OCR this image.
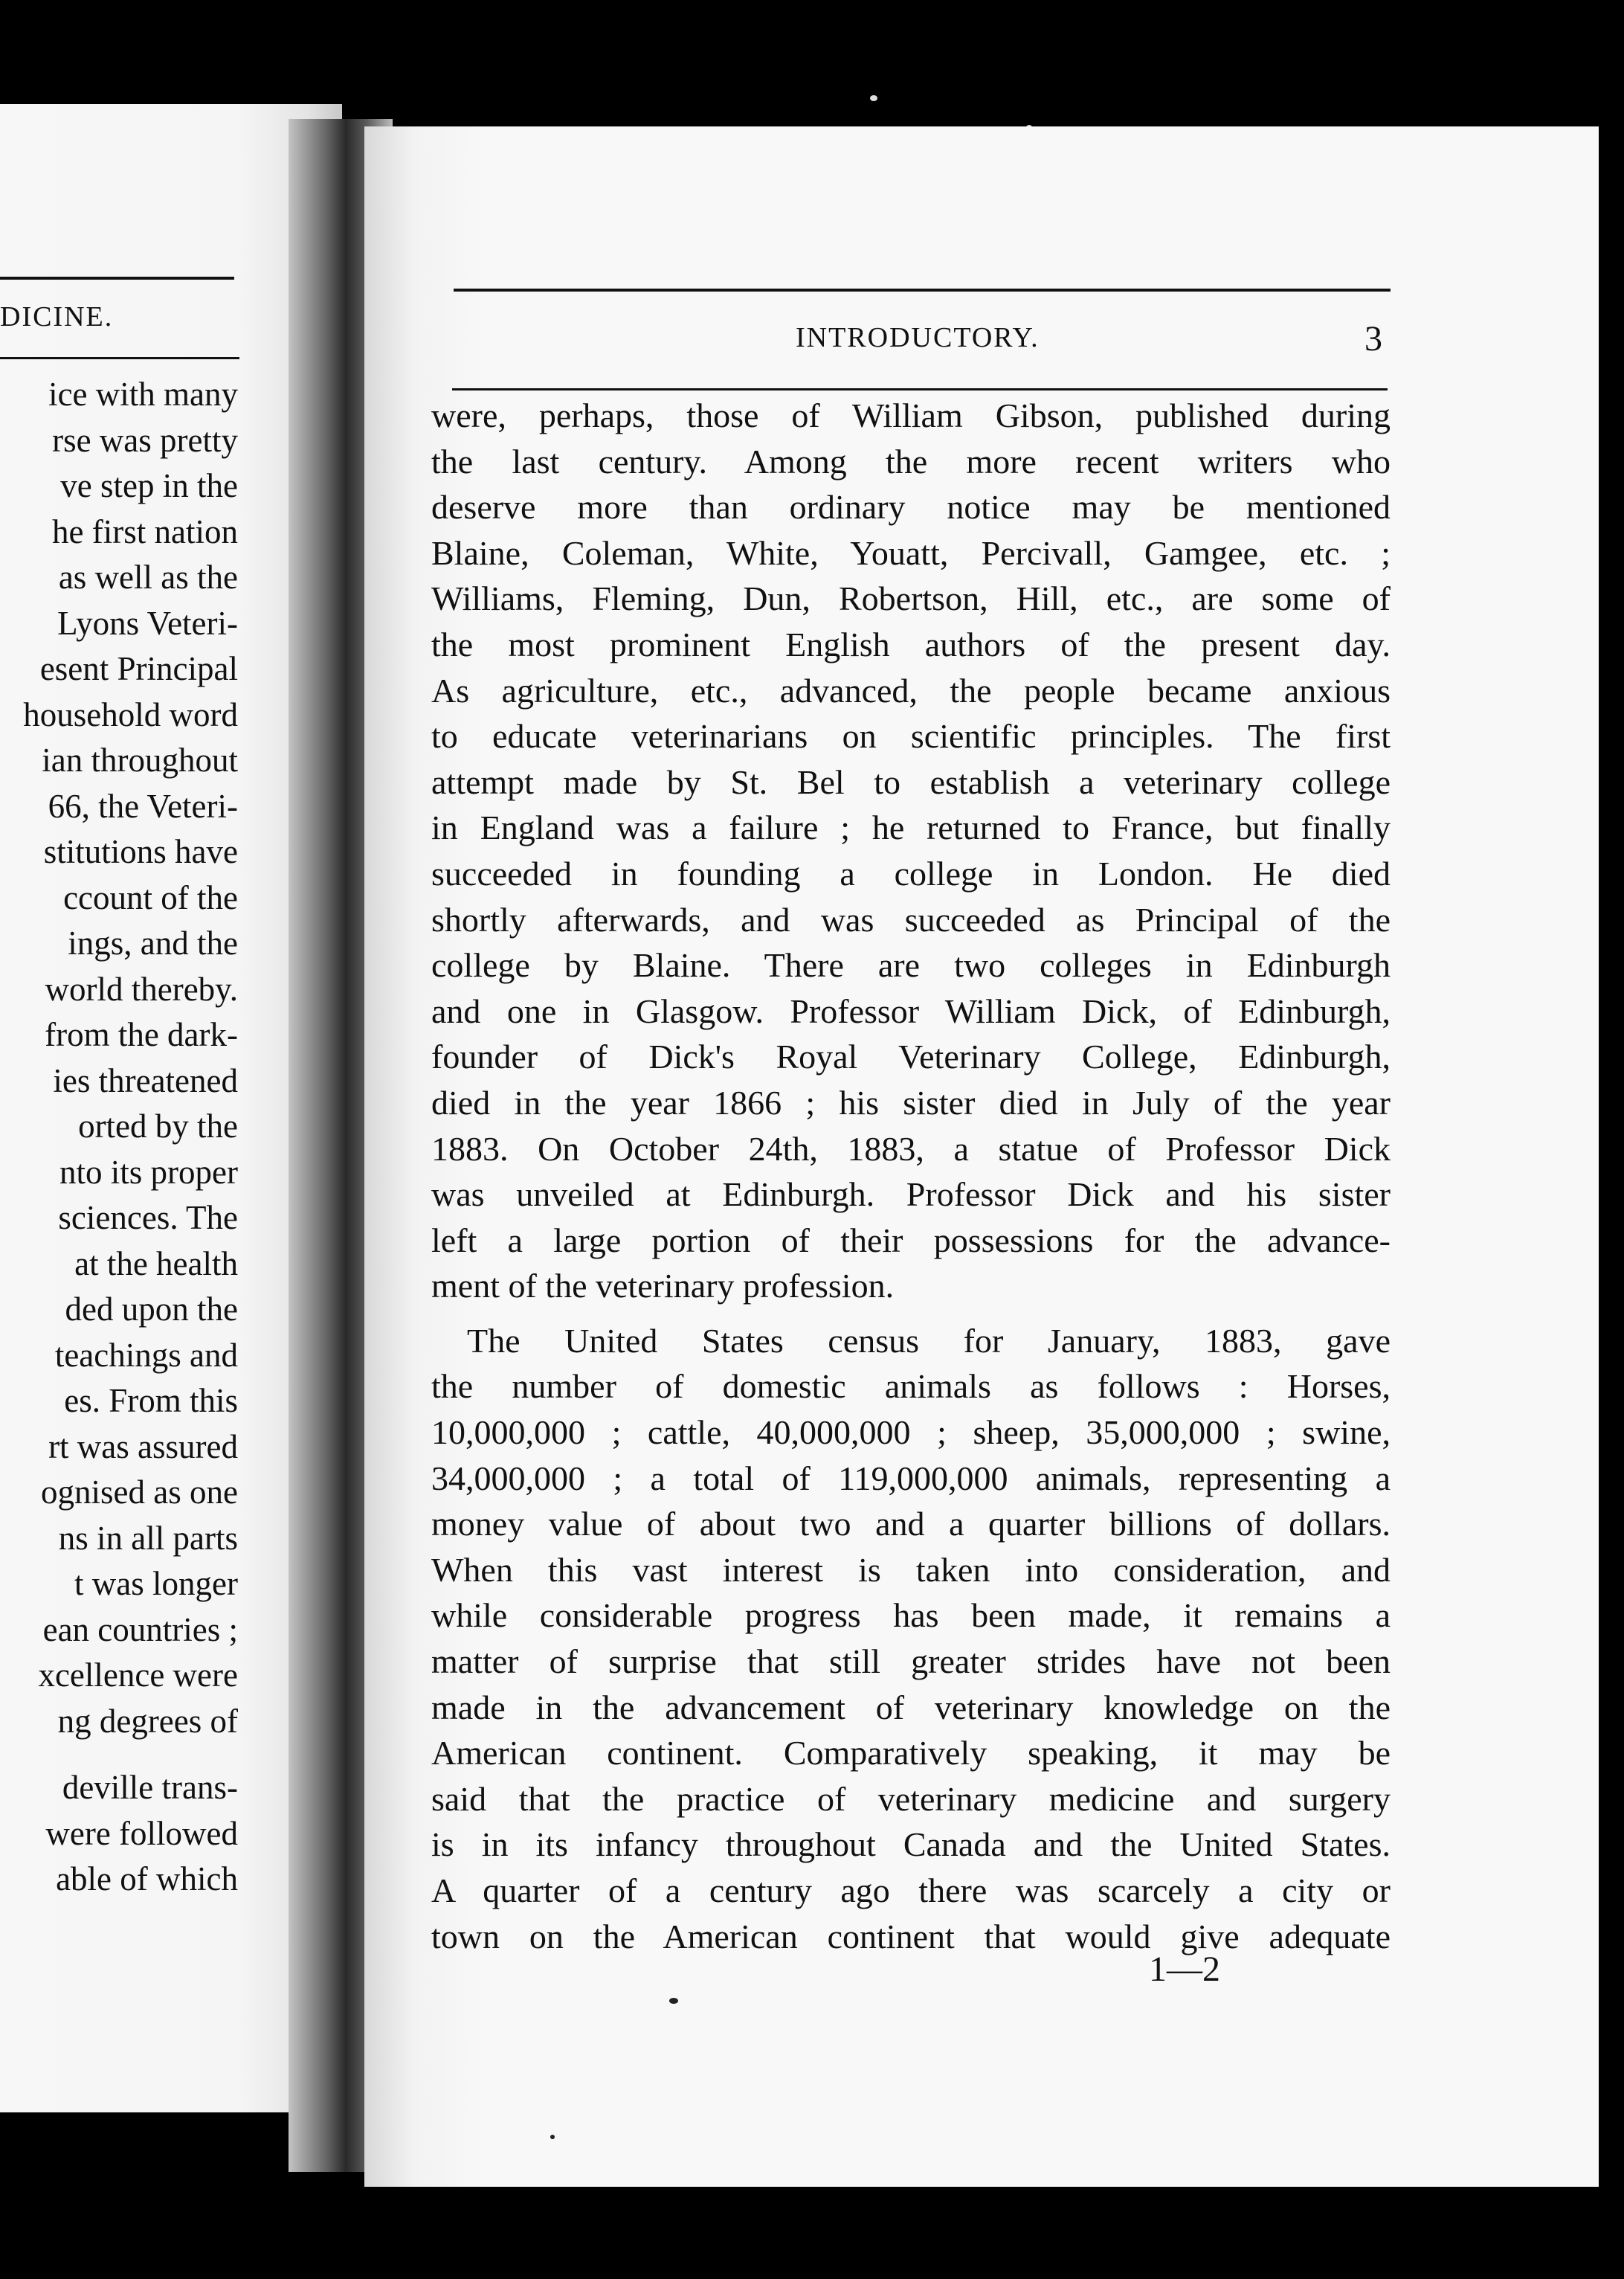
DICINE.
ice with many
rse was pretty
ve step in the
he first nation
as well as the
Lyons Veteri-
esent Principal
household word
ian throughout
66, the Veteri-
stitutions have
ccount of the
ings, and the
world thereby.
from the dark-
ies threatened
orted by the
nto its proper
sciences. The
at the health
ded upon the
teachings and
es. From this
rt was assured
ognised as one
ns in all parts
t was longer
ean countries ;
xcellence were
ng degrees of
deville trans-
were followed
able of which
INTRODUCTORY.	3
were, perhaps, those of William Gibson, published during
the last century. Among the more recent writers who
deserve more than ordinary notice may be mentioned
Blaine, Coleman, White, Youatt, Percivall, Gamgee, etc. ;
Williams, Fleming, Dun, Robertson, Hill, etc., are some of
the most prominent English authors of the present day.
As agriculture, etc., advanced, the people became anxious
to educate veterinarians on scientific principles. The first
attempt made by St. Bel to establish a veterinary college
in England was a failure ; he returned to France, but finally
succeeded in founding a college in London. He died
shortly afterwards, and was succeeded as Principal of the
college by Blaine. There are two colleges in Edinburgh
and one in Glasgow. Professor William Dick, of Edinburgh,
founder of Dick's Royal Veterinary College, Edinburgh,
died in the year 1866 ; his sister died in July of the year
1883. On October 24th, 1883, a statue of Professor Dick
was unveiled at Edinburgh. Professor Dick and his sister
left a large portion of their possessions for the advance-
ment of the veterinary profession.
The United States census for January, 1883, gave
the number of domestic animals as follows : Horses,
10,000,000 ; cattle, 40,000,000 ; sheep, 35,000,000 ; swine,
34,000,000 ; a total of 119,000,000 animals, representing a
money value of about two and a quarter billions of dollars.
When this vast interest is taken into consideration, and
while considerable progress has been made, it remains a
matter of surprise that still greater strides have not been
made in the advancement of veterinary knowledge on the
American continent. Comparatively speaking, it may be
said that the practice of veterinary medicine and surgery
is in its infancy throughout Canada and the United States.
A quarter of a century ago there was scarcely a city or
town on the American continent that would give adequate
1—2
